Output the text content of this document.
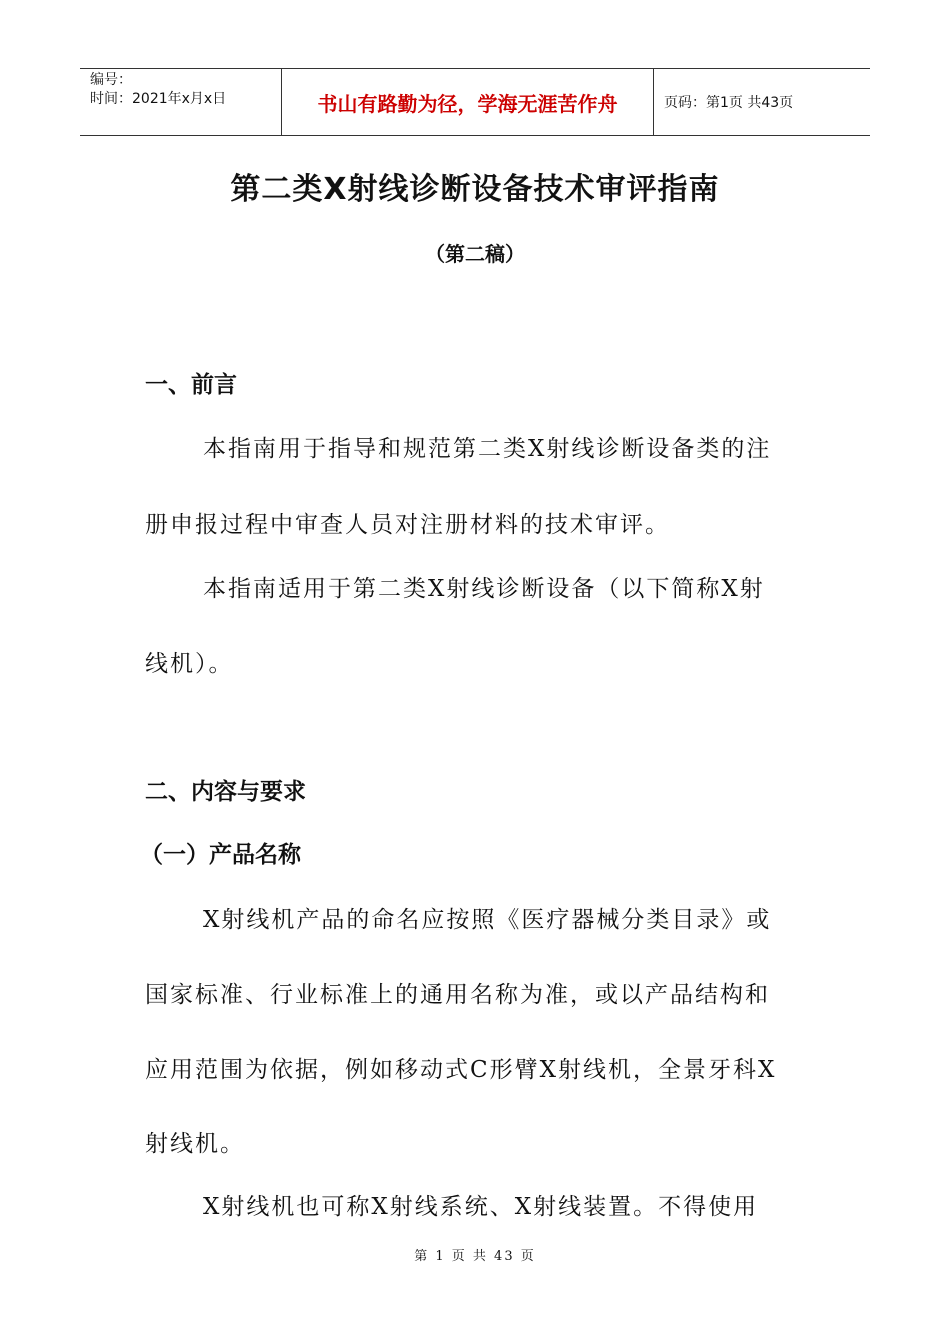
编号：
时间：2021年x月x日	书山有路勤为径，学海无涯苦作舟	页码：第1页 共43页
第二类X射线诊断设备技术审评指南
（第二稿）
一、前言
本指南用于指导和规范第二类X射线诊断设备类的注
册申报过程中审查人员对注册材料的技术审评。
本指南适用于第二类X射线诊断设备（以下简称X射
线机）。
二、内容与要求
（一）产品名称
X射线机产品的命名应按照《医疗器械分类目录》或
国家标准、行业标准上的通用名称为准，或以产品结构和
应用范围为依据，例如移动式C形臂X射线机，全景牙科X
射线机。
X射线机也可称X射线系统、X射线装置。不得使用
第 1 页 共 43 页
